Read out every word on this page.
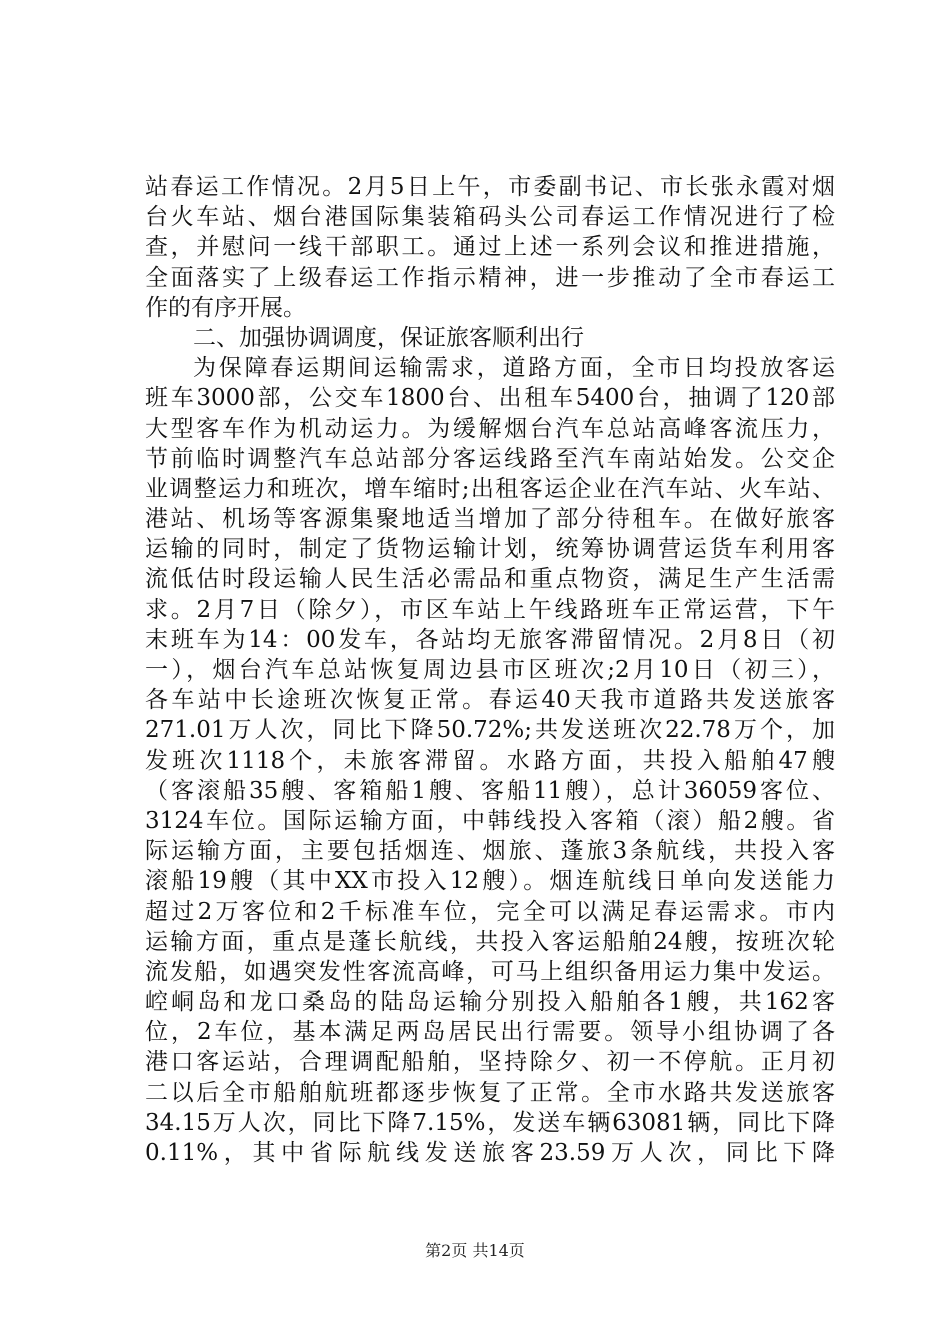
站春运工作情况。2月5日上午，市委副书记、市长张永霞对烟
台火车站、烟台港国际集装箱码头公司春运工作情况进行了检
查，并慰问一线干部职工。通过上述一系列会议和推进措施，
全面落实了上级春运工作指示精神，进一步推动了全市春运工
作的有序开展。
二、加强协调调度，保证旅客顺利出行
为保障春运期间运输需求，道路方面，全市日均投放客运
班车3000部，公交车1800台、出租车5400台，抽调了120部
大型客车作为机动运力。为缓解烟台汽车总站高峰客流压力，
节前临时调整汽车总站部分客运线路至汽车南站始发。公交企
业调整运力和班次，增车缩时;出租客运企业在汽车站、火车站、
港站、机场等客源集聚地适当增加了部分待租车。在做好旅客
运输的同时，制定了货物运输计划，统筹协调营运货车利用客
流低估时段运输人民生活必需品和重点物资，满足生产生活需
求。2月7日（除夕），市区车站上午线路班车正常运营，下午
末班车为14：00发车，各站均无旅客滞留情况。2月8日（初
一），烟台汽车总站恢复周边县市区班次;2月10日（初三），
各车站中长途班次恢复正常。春运40天我市道路共发送旅客
271.01万人次，同比下降50.72%;共发送班次22.78万个，加
发班次1118个，未旅客滞留。水路方面，共投入船舶47艘
（客滚船35艘、客箱船1艘、客船11艘），总计36059客位、
3124车位。国际运输方面，中韩线投入客箱（滚）船2艘。省
际运输方面，主要包括烟连、烟旅、蓬旅3条航线，共投入客
滚船19艘（其中XX市投入12艘）。烟连航线日单向发送能力
超过2万客位和2千标准车位，完全可以满足春运需求。市内
运输方面，重点是蓬长航线，共投入客运船舶24艘，按班次轮
流发船，如遇突发性客流高峰，可马上组织备用运力集中发运。
崆峒岛和龙口桑岛的陆岛运输分别投入船舶各1艘，共162客
位，2车位，基本满足两岛居民出行需要。领导小组协调了各
港口客运站，合理调配船舶，坚持除夕、初一不停航。正月初
二以后全市船舶航班都逐步恢复了正常。全市水路共发送旅客
34.15万人次，同比下降7.15%，发送车辆63081辆，同比下降
0.11%，其中省际航线发送旅客23.59万人次，同比下降
第2页 共14页
